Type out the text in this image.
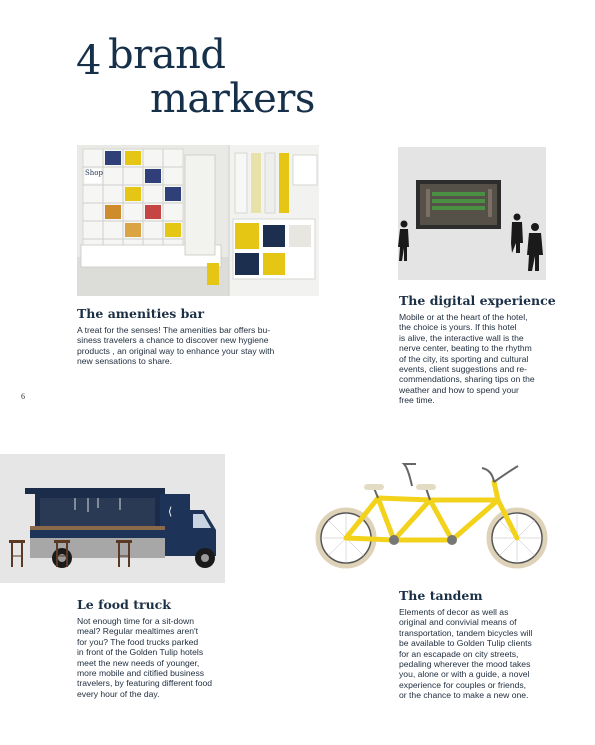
4 brand
markers
Shop
The amenities bar
A treat for the senses! The amenities bar offers bu-
siness travelers a chance to discover new hygiene
products , an original way to enhance your stay with
new sensations to share.
6
The digital experience
Mobile or at the heart of the hotel,
the choice is yours. If this hotel
is alive, the interactive wall is the
nerve center, beating to the rhythm
of the city, its sporting and cultural
events, client suggestions and re-
commendations, sharing tips on the
weather and how to spend your
free time.
⟨
Le food truck
Not enough time for a sit-down
meal? Regular mealtimes aren't
for you? The food trucks parked
in front of the Golden Tulip hotels
meet the new needs of younger,
more mobile and citified business
travelers, by featuring different food
every hour of the day.
The tandem
Elements of decor as well as
original and convivial means of
transportation, tandem bicycles will
be available to Golden Tulip clients
for an escapade on city streets,
pedaling wherever the mood takes
you, alone or with a guide, a novel
experience for couples or friends,
or the chance to make a new one.
